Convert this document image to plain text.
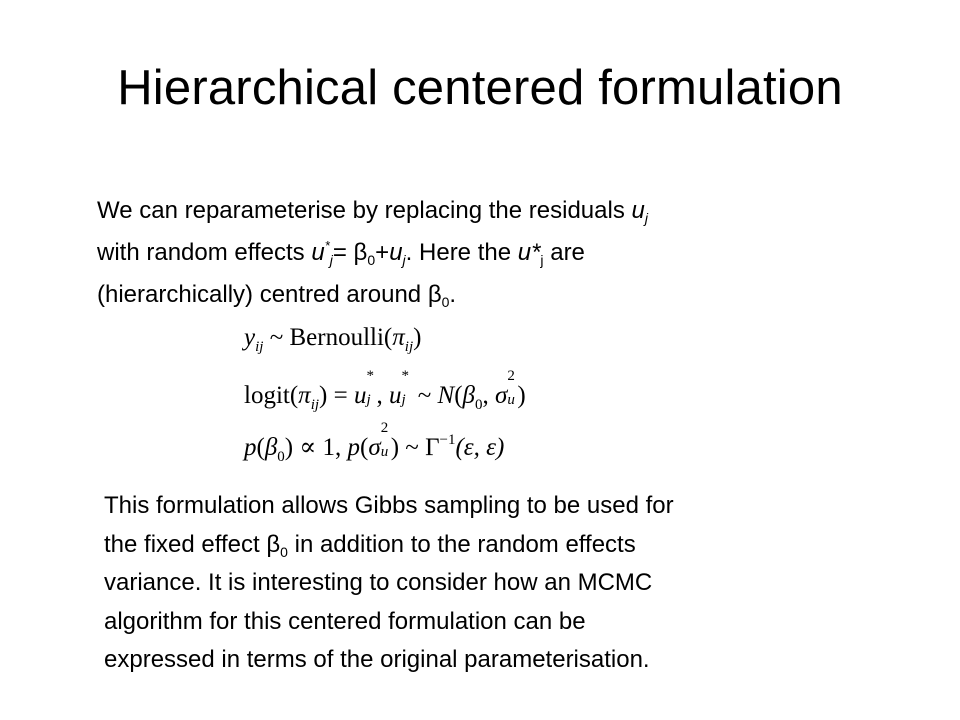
Hierarchical centered formulation
We can reparameterise by replacing the residuals $u_j$
with random effects $u^*_j= \beta_0+u_j$. Here the $u*_j$ are
(hierarchically) centred around $\beta_0$.
$y_{ij}$ ~ $Bernoulli(\pi_{ij})$
$logit(\pi_{ij}) = u$
*
j , u
*
j ~ $N(\beta_0$, σ
2
u )
$p(\beta_0) \propto 1$, p(σ
2
u ) ~ $\Gamma^{-1}(\varepsilon$, ε)
This formulation allows Gibbs sampling to be used for
the fixed effect $\beta_0$ in addition to the random effects
variance. It is interesting to consider how an MCMC
algorithm for this centered formulation can be
expressed in terms of the original parameterisation.
